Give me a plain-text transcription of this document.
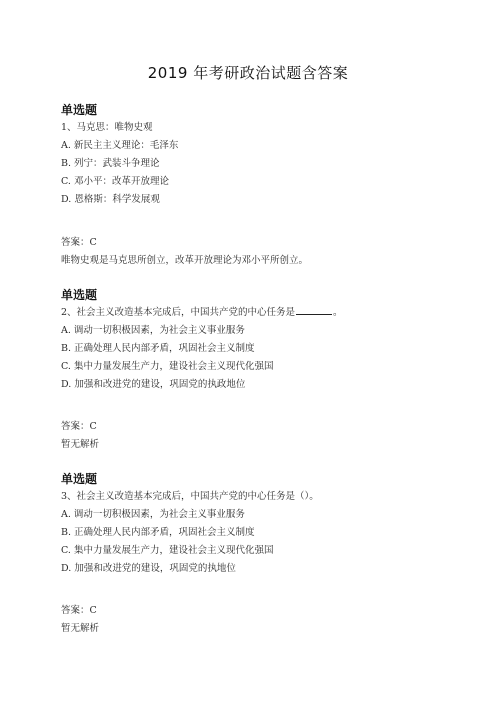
2019 年考研政治试题含答案
单选题
1、马克思：唯物史观
A. 新民主主义理论：毛泽东
B. 列宁：武装斗争理论
C. 邓小平：改革开放理论
D. 恩格斯：科学发展观
答案：C
唯物史观是马克思所创立，改革开放理论为邓小平所创立。
单选题
2、社会主义改造基本完成后，中国共产党的中心任务是	。
A. 调动一切积极因素，为社会主义事业服务
B. 正确处理人民内部矛盾，巩固社会主义制度
C. 集中力量发展生产力，建设社会主义现代化强国
D. 加强和改进党的建设，巩固党的执政地位
答案：C
暂无解析
单选题
3、社会主义改造基本完成后，中国共产党的中心任务是（）。
A. 调动一切积极因素，为社会主义事业服务
B. 正确处理人民内部矛盾，巩固社会主义制度
C. 集中力量发展生产力，建设社会主义现代化强国
D. 加强和改进党的建设，巩固党的执地位
答案：C
暂无解析
